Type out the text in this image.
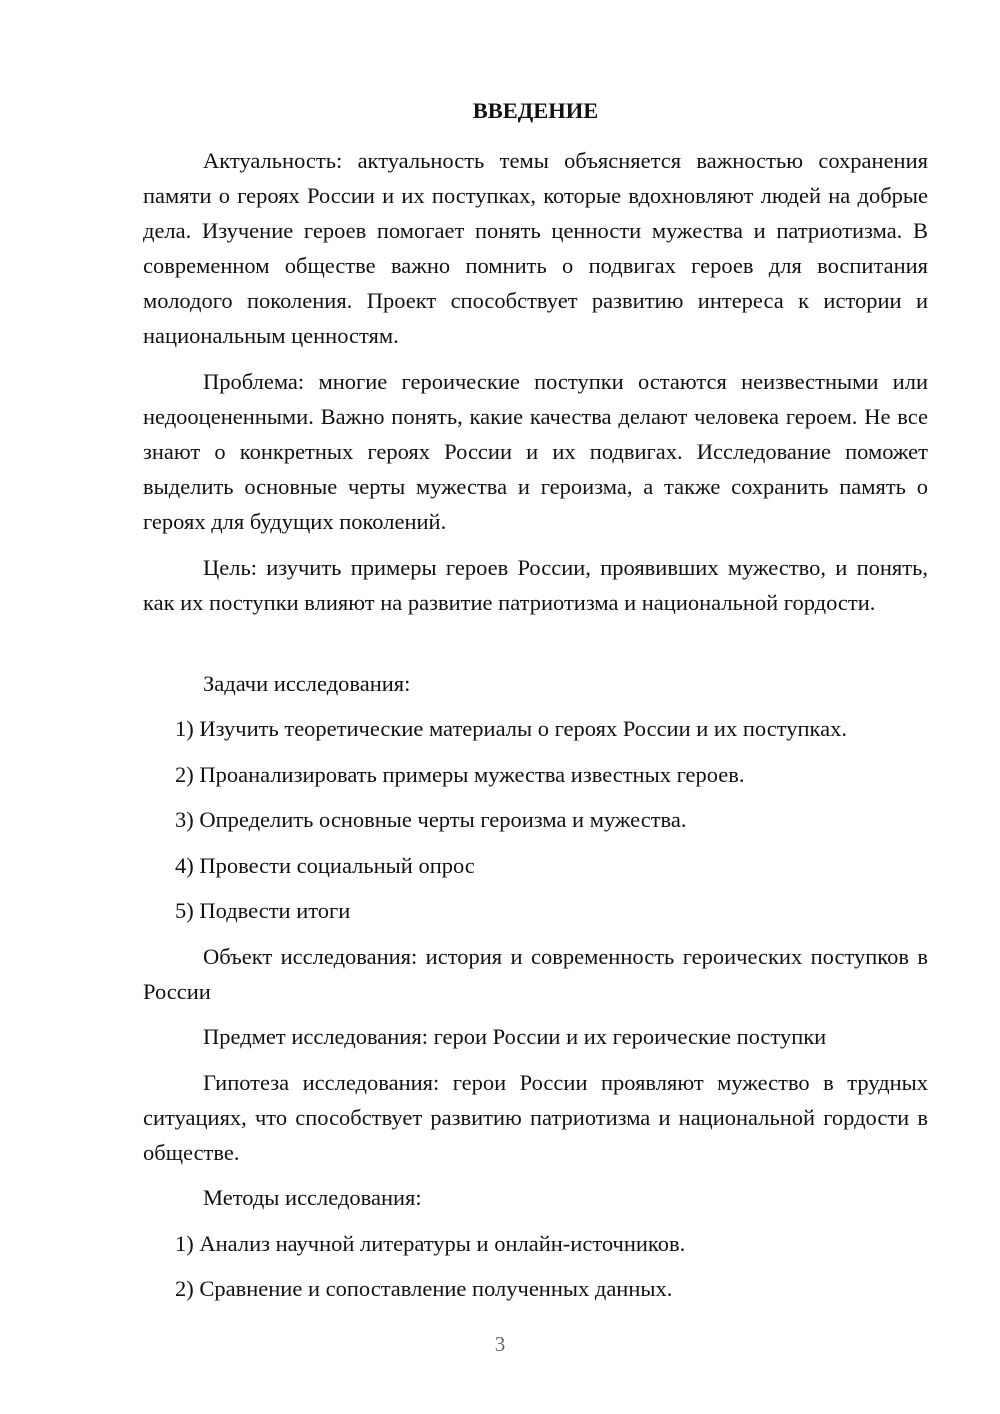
ВВЕДЕНИЕ

Актуальность: актуальность темы объясняется важностью сохранения памяти о героях России и их поступках, которые вдохновляют людей на добрые дела. Изучение героев помогает понять ценности мужества и патриотизма. В современном обществе важно помнить о подвигах героев для воспитания молодого поколения. Проект способствует развитию интереса к истории и национальным ценностям.

Проблема: многие героические поступки остаются неизвестными или недооцененными. Важно понять, какие качества делают человека героем. Не все знают о конкретных героях России и их подвигах. Исследование поможет выделить основные черты мужества и героизма, а также сохранить память о героях для будущих поколений.

Цель: изучить примеры героев России, проявивших мужество, и понять, как их поступки влияют на развитие патриотизма и национальной гордости.

Задачи исследования:

1) Изучить теоретические материалы о героях России и их поступках.

2) Проанализировать примеры мужества известных героев.

3) Определить основные черты героизма и мужества.

4) Провести социальный опрос

5) Подвести итоги

Объект исследования: история и современность героических поступков в России

Предмет исследования: герои России и их героические поступки

Гипотеза исследования: герои России проявляют мужество в трудных ситуациях, что способствует развитию патриотизма и национальной гордости в обществе.

Методы исследования:

1) Анализ научной литературы и онлайн-источников.

2) Сравнение и сопоставление полученных данных.

3
